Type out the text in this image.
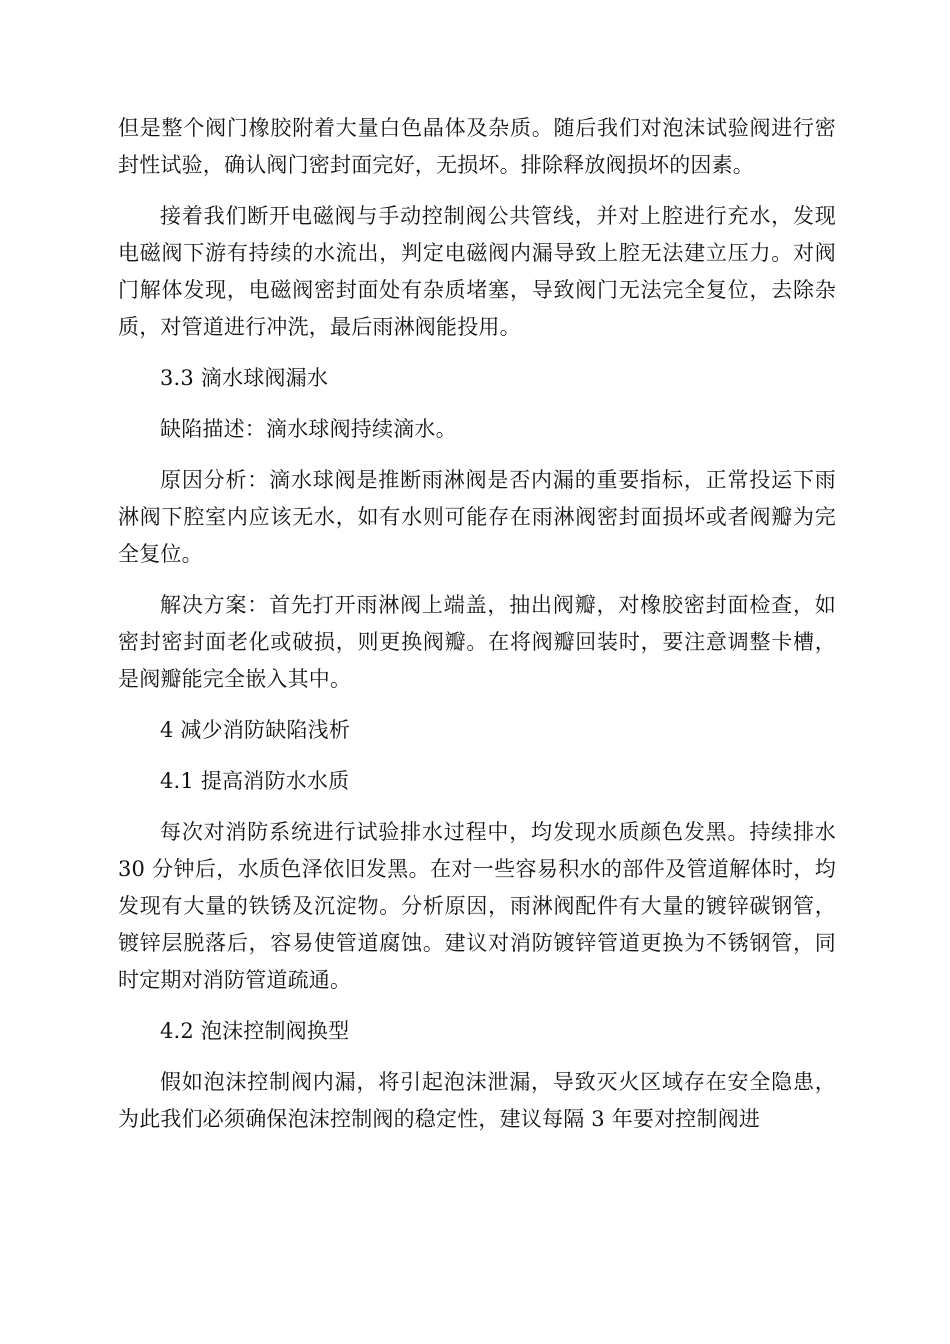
但是整个阀门橡胶附着大量白色晶体及杂质。随后我们对泡沫试验阀进行密封性试验，确认阀门密封面完好，无损坏。排除释放阀损坏的因素。

接着我们断开电磁阀与手动控制阀公共管线，并对上腔进行充水，发现电磁阀下游有持续的水流出，判定电磁阀内漏导致上腔无法建立压力。对阀门解体发现，电磁阀密封面处有杂质堵塞，导致阀门无法完全复位，去除杂质，对管道进行冲洗，最后雨淋阀能投用。

3.3 滴水球阀漏水

缺陷描述：滴水球阀持续滴水。

原因分析：滴水球阀是推断雨淋阀是否内漏的重要指标，正常投运下雨淋阀下腔室内应该无水，如有水则可能存在雨淋阀密封面损坏或者阀瓣为完全复位。

解决方案：首先打开雨淋阀上端盖，抽出阀瓣，对橡胶密封面检查，如密封密封面老化或破损，则更换阀瓣。在将阀瓣回装时，要注意调整卡槽，是阀瓣能完全嵌入其中。

4 减少消防缺陷浅析

4.1 提高消防水水质

每次对消防系统进行试验排水过程中，均发现水质颜色发黑。持续排水 30 分钟后，水质色泽依旧发黑。在对一些容易积水的部件及管道解体时，均发现有大量的铁锈及沉淀物。分析原因，雨淋阀配件有大量的镀锌碳钢管，镀锌层脱落后，容易使管道腐蚀。建议对消防镀锌管道更换为不锈钢管，同时定期对消防管道疏通。

4.2 泡沫控制阀换型

假如泡沫控制阀内漏，将引起泡沫泄漏，导致灭火区域存在安全隐患，为此我们必须确保泡沫控制阀的稳定性，建议每隔 3 年要对控制阀进
